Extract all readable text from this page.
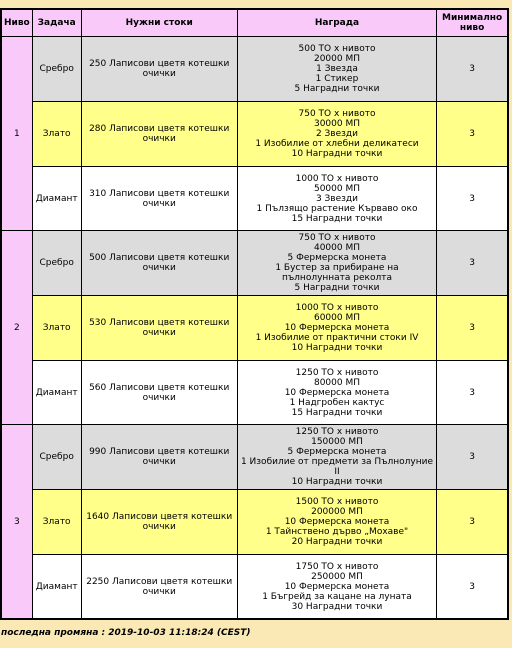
Ниво	Задача	Нужни стоки	Награда	Минимално ниво
1	Сребро	250 Лаписови цветя котешки очички	500 ТО х нивото
20000 МП
1 Звезда
1 Стикер
5 Наградни точки	3
	Злато	280 Лаписови цветя котешки очички	750 ТО х нивото
30000 МП
2 Звезди
1 Изобилие от хлебни деликатеси
10 Наградни точки	3
	Диамант	310 Лаписови цветя котешки очички	1000 ТО х нивото
50000 МП
3 Звезди
1 Пълзящо растение Кърваво око
15 Наградни точки	3
2	Сребро	500 Лаписови цветя котешки очички	750 ТО х нивото
40000 МП
5 Фермерска монета
1 Бустер за прибиране на пълнолунната реколта
5 Наградни точки	3
	Злато	530 Лаписови цветя котешки очички	1000 ТО х нивото
60000 МП
10 Фермерска монета
1 Изобилие от практични стоки IV
10 Наградни точки	3
	Диамант	560 Лаписови цветя котешки очички	1250 ТО х нивото
80000 МП
10 Фермерска монета
1 Надгробен кактус
15 Наградни точки	3
3	Сребро	990 Лаписови цветя котешки очички	1250 ТО х нивото
150000 МП
5 Фермерска монета
1 Изобилие от предмети за Пълнолуние II
10 Наградни точки	3
	Злато	1640 Лаписови цветя котешки очички	1500 ТО х нивото
200000 МП
10 Фермерска монета
1 Тайнствено дърво „Мохаве"
20 Наградни точки	3
	Диамант	2250 Лаписови цветя котешки очички	1750 ТО х нивото
250000 МП
10 Фермерска монета
1 Бъгрейд за кацане на луната
30 Наградни точки	3
последна промяна : 2019-10-03 11:18:24 (CEST)
